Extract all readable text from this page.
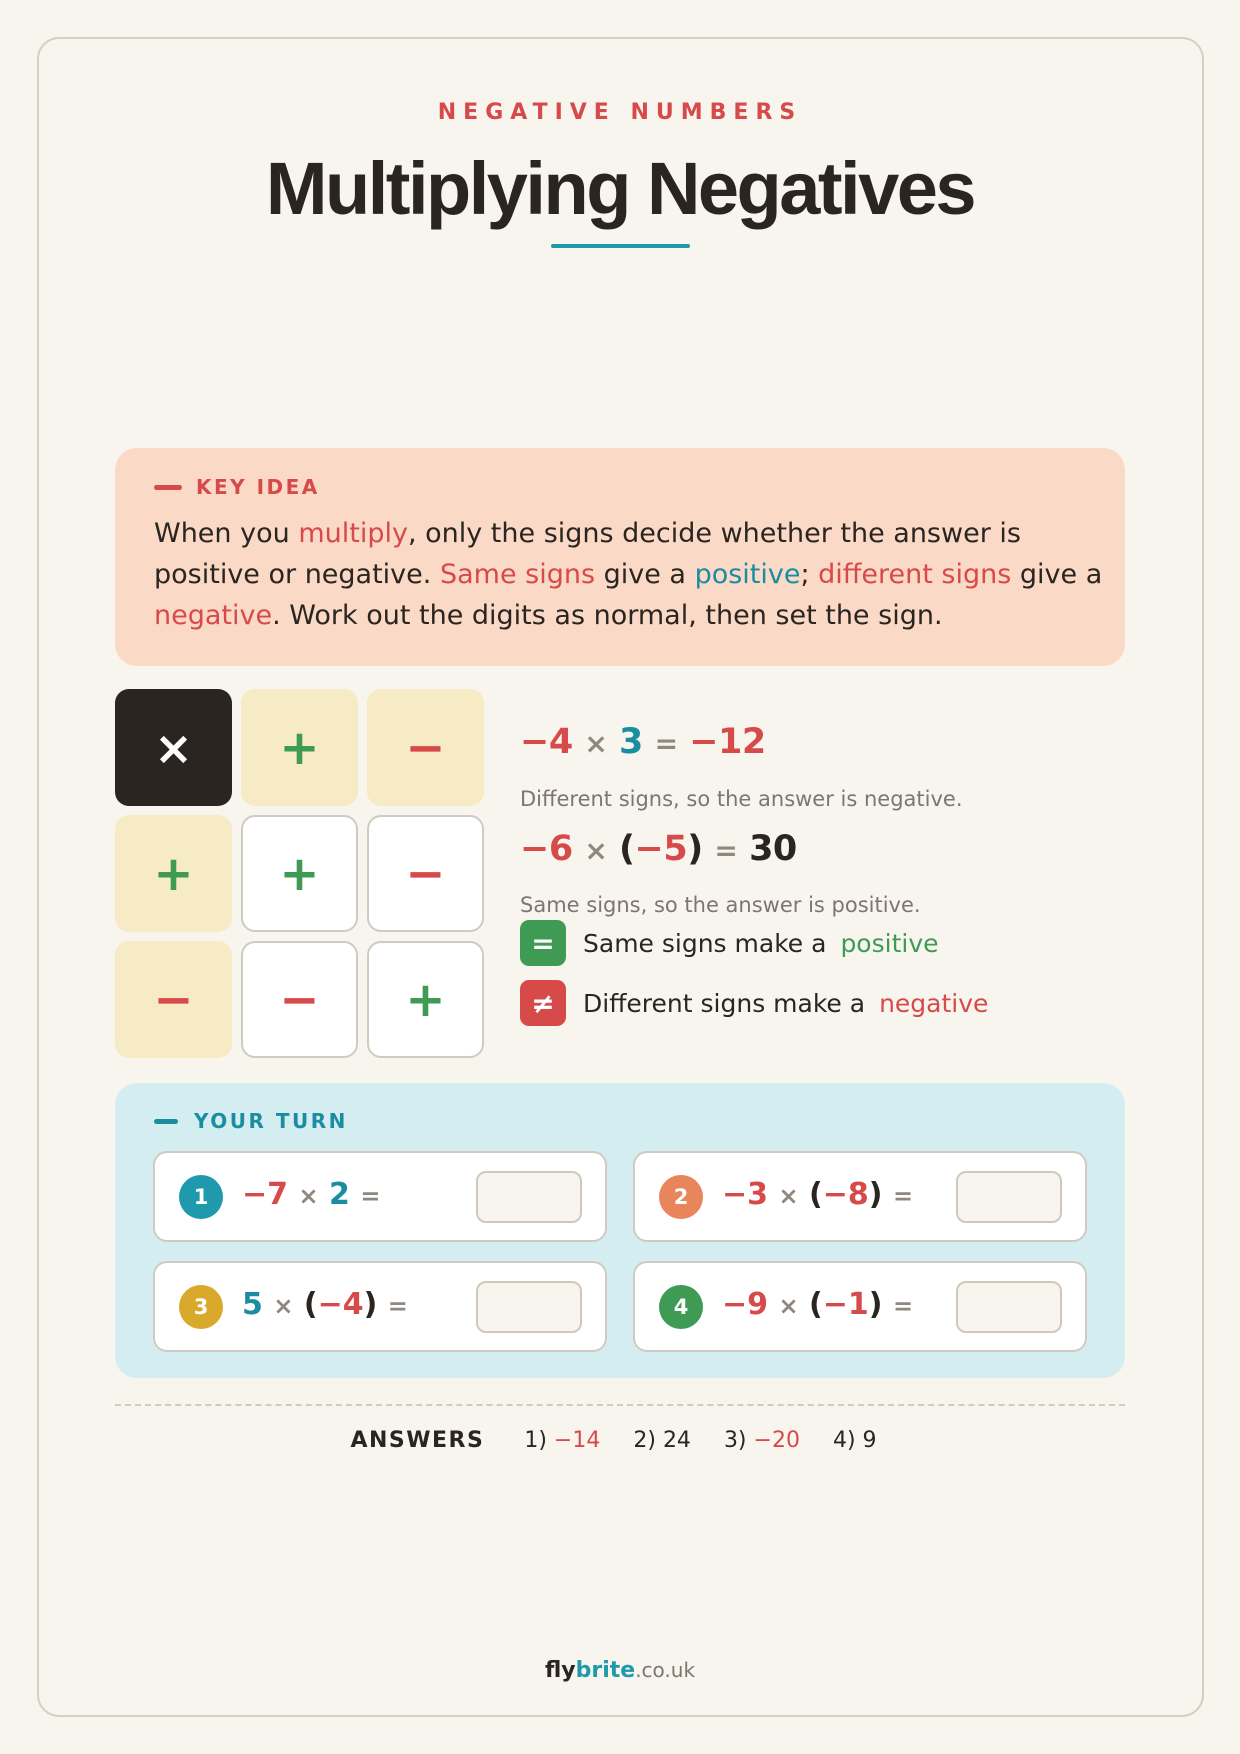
NEGATIVE NUMBERS
Multiplying Negatives
KEY IDEA
When you multiply, only the signs decide whether the answer is positive or negative. Same signs give a positive; different signs give a negative. Work out the digits as normal, then set the sign.
×	+	−
+	+	−
−	−	+
−4 × 3 = −12
Different signs, so the answer is negative.
−6 × (−5) = 30
Same signs, so the answer is positive.
=	Same signs make a positive
≠	Different signs make a negative
YOUR TURN
1	−7 × 2 =	2	−3 × (−8) =
3	5 × (−4) =	4	−9 × (−1) =
ANSWERS 1) −14 2) 24 3) −20 4) 9
flybrite.co.uk
